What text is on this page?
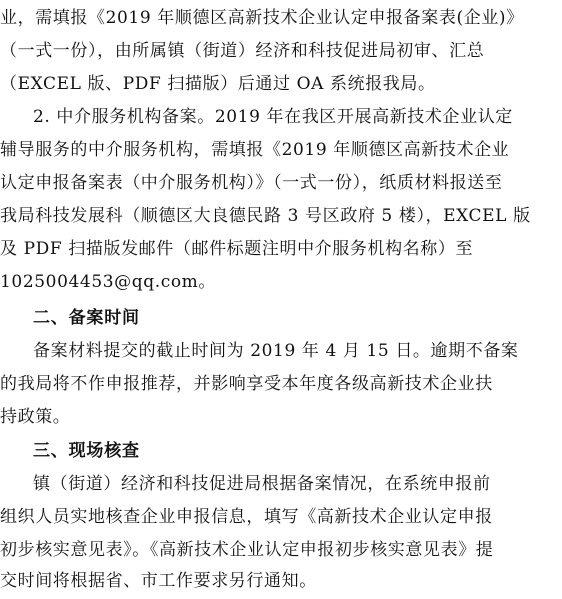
业，需填报《2019 年顺德区高新技术企业认定申报备案表(企业)》
（一式一份），由所属镇（街道）经济和科技促进局初审、汇总
（EXCEL 版、PDF 扫描版）后通过 OA 系统报我局。
2. 中介服务机构备案。2019 年在我区开展高新技术企业认定
辅导服务的中介服务机构，需填报《2019 年顺德区高新技术企业
认定申报备案表（中介服务机构）》（一式一份），纸质材料报送至
我局科技发展科（顺德区大良德民路 3 号区政府 5 楼），EXCEL 版
及 PDF 扫描版发邮件（邮件标题注明中介服务机构名称）至
1025004453@qq.com。
二、备案时间
备案材料提交的截止时间为 2019 年 4 月 15 日。逾期不备案
的我局将不作申报推荐，并影响享受本年度各级高新技术企业扶
持政策。
三、现场核查
镇（街道）经济和科技促进局根据备案情况，在系统申报前
组织人员实地核查企业申报信息，填写《高新技术企业认定申报
初步核实意见表》。《高新技术企业认定申报初步核实意见表》提
交时间将根据省、市工作要求另行通知。
